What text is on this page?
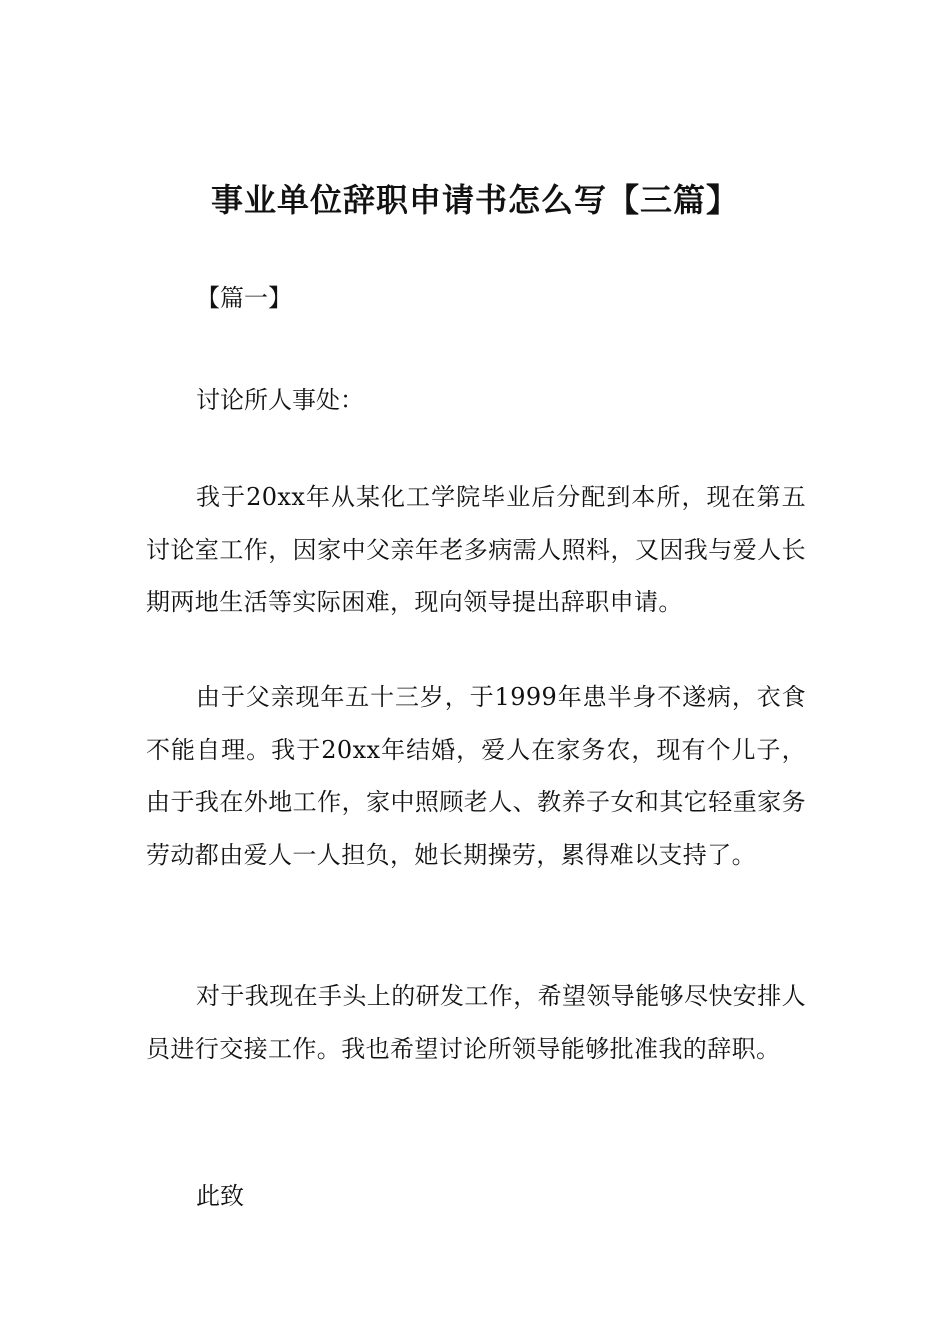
事业单位辞职申请书怎么写【三篇】

【篇一】

讨论所人事处：

我于20xx年从某化工学院毕业后分配到本所，现在第五讨论室工作，因家中父亲年老多病需人照料，又因我与爱人长期两地生活等实际困难，现向领导提出辞职申请。

由于父亲现年五十三岁，于1999年患半身不遂病，衣食不能自理。我于20xx年结婚，爱人在家务农，现有个儿子，由于我在外地工作，家中照顾老人、教养子女和其它轻重家务劳动都由爱人一人担负，她长期操劳，累得难以支持了。

对于我现在手头上的研发工作，希望领导能够尽快安排人员进行交接工作。我也希望讨论所领导能够批准我的辞职。

此致
